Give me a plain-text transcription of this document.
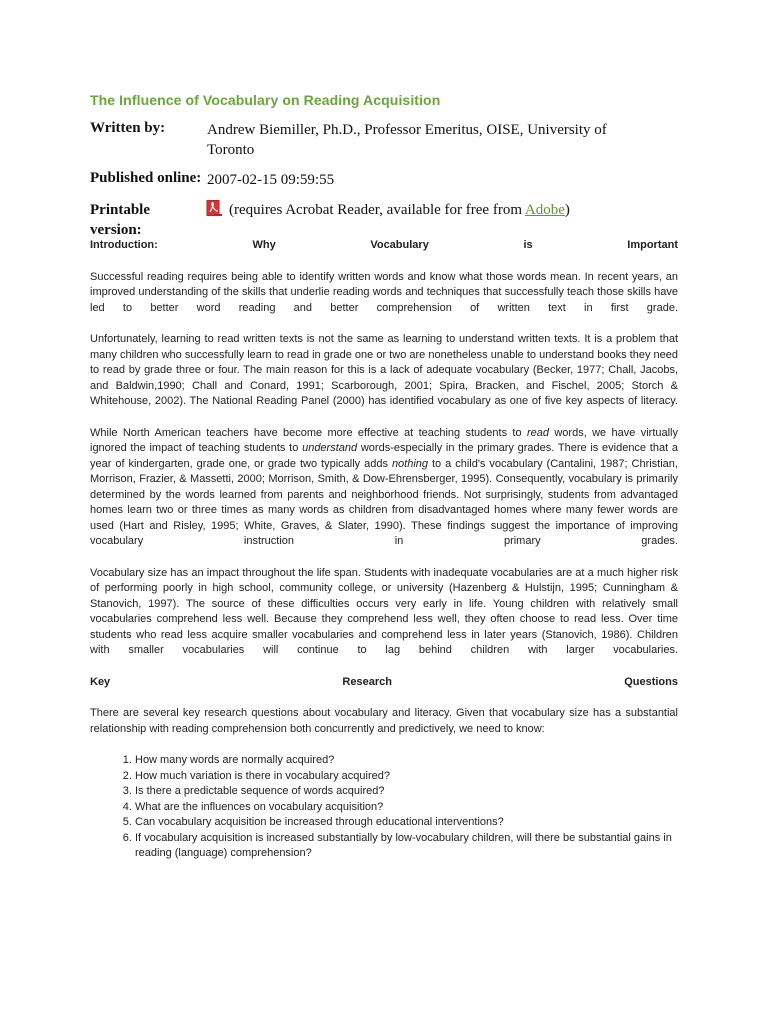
The Influence of Vocabulary on Reading Acquisition
Written by:	Andrew Biemiller, Ph.D., Professor Emeritus, OISE, University of
Toronto
Published online: 2007-02-15 09:59:55
Printable
version:
(requires Acrobat Reader, available for free from Adobe)

Introduction: Why Vocabulary is Important

Successful reading requires being able to identify written words and know what those words mean. In recent years, an improved understanding of the skills that underlie reading words and techniques that successfully teach those skills have led to better word reading and better comprehension of written text in first grade.

Unfortunately, learning to read written texts is not the same as learning to understand written texts. It is a problem that many children who successfully learn to read in grade one or two are nonetheless unable to understand books they need to read by grade three or four. The main reason for this is a lack of adequate vocabulary (Becker, 1977; Chall, Jacobs, and Baldwin,1990; Chall and Conard, 1991; Scarborough, 2001; Spira, Bracken, and Fischel, 2005; Storch & Whitehouse, 2002). The National Reading Panel (2000) has identified vocabulary as one of five key aspects of literacy.

While North American teachers have become more effective at teaching students to read words, we have virtually ignored the impact of teaching students to understand words-especially in the primary grades. There is evidence that a year of kindergarten, grade one, or grade two typically adds nothing to a child's vocabulary (Cantalini, 1987; Christian, Morrison, Frazier, & Massetti, 2000; Morrison, Smith, & Dow-Ehrensberger, 1995). Consequently, vocabulary is primarily determined by the words learned from parents and neighborhood friends. Not surprisingly, students from advantaged homes learn two or three times as many words as children from disadvantaged homes where many fewer words are used (Hart and Risley, 1995; White, Graves, & Slater, 1990). These findings suggest the importance of improving vocabulary instruction in primary grades.

Vocabulary size has an impact throughout the life span. Students with inadequate vocabularies are at a much higher risk of performing poorly in high school, community college, or university (Hazenberg & Hulstijn, 1995; Cunningham & Stanovich, 1997). The source of these difficulties occurs very early in life. Young children with relatively small vocabularies comprehend less well. Because they comprehend less well, they often choose to read less. Over time students who read less acquire smaller vocabularies and comprehend less in later years (Stanovich, 1986). Children with smaller vocabularies will continue to lag behind children with larger vocabularies.

Key Research Questions

There are several key research questions about vocabulary and literacy. Given that vocabulary size has a substantial relationship with reading comprehension both concurrently and predictively, we need to know:

1. How many words are normally acquired?
2. How much variation is there in vocabulary acquired?
3. Is there a predictable sequence of words acquired?
4. What are the influences on vocabulary acquisition?
5. Can vocabulary acquisition be increased through educational interventions?
6. If vocabulary acquisition is increased substantially by low-vocabulary children, will there be substantial gains in reading (language) comprehension?
